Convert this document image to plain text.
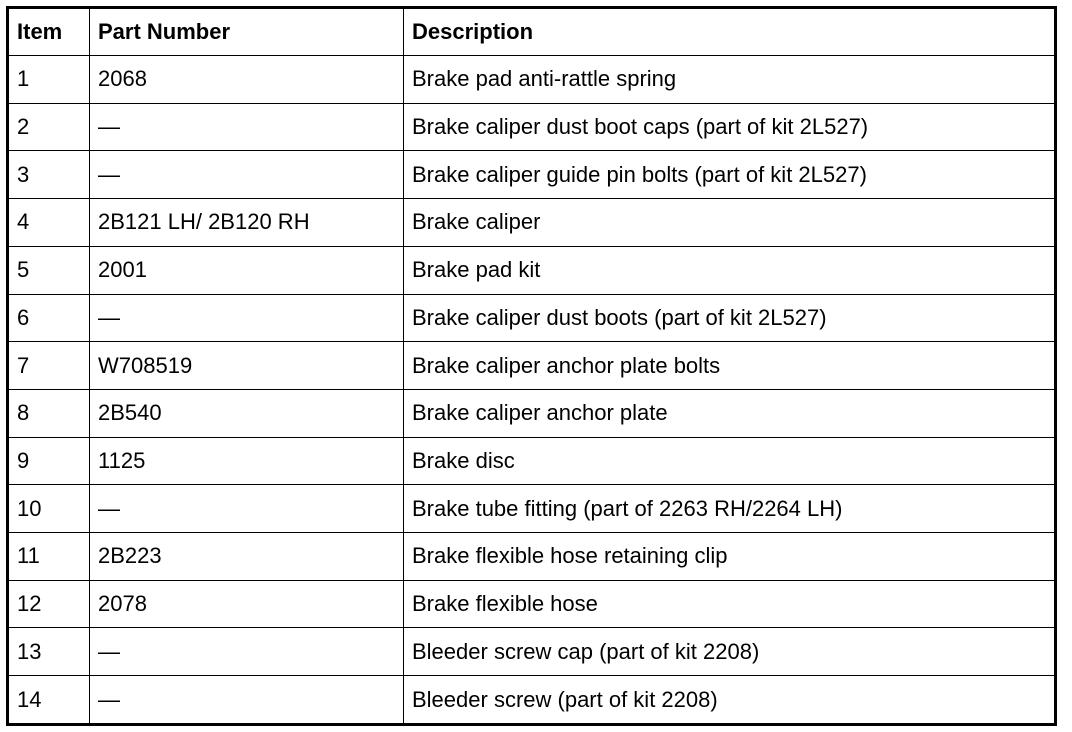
Item	Part Number	Description
1	2068	Brake pad anti-rattle spring
2	—	Brake caliper dust boot caps (part of kit 2L527)
3	—	Brake caliper guide pin bolts (part of kit 2L527)
4	2B121 LH/ 2B120 RH	Brake caliper
5	2001	Brake pad kit
6	—	Brake caliper dust boots (part of kit 2L527)
7	W708519	Brake caliper anchor plate bolts
8	2B540	Brake caliper anchor plate
9	1125	Brake disc
10	—	Brake tube fitting (part of 2263 RH/2264 LH)
11	2B223	Brake flexible hose retaining clip
12	2078	Brake flexible hose
13	—	Bleeder screw cap (part of kit 2208)
14	—	Bleeder screw (part of kit 2208)
